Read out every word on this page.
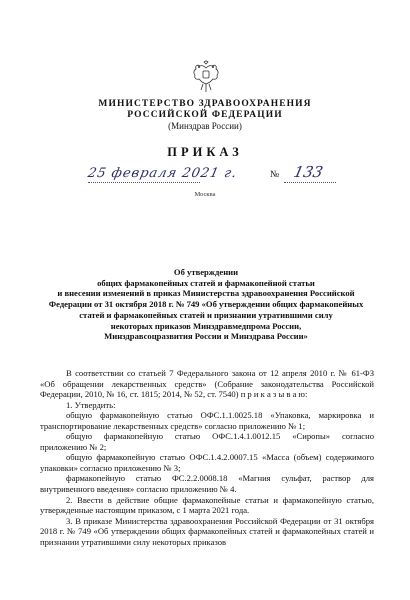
МИНИСТЕРСТВО ЗДРАВООХРАНЕНИЯ
РОССИЙСКОЙ ФЕДЕРАЦИИ
(Минздрав России)
ПРИКАЗ
25 февраля 2021 г.	№ 133
Москва
Об утверждении
общих фармакопейных статей и фармакопейной статьи
и внесении изменений в приказ Министерства здравоохранения Российской
Федерации от 31 октября 2018 г. № 749 «Об утверждении общих фармакопейных
статей и фармакопейных статей и признании утратившими силу
некоторых приказов Минздравмедпрома России,
Минздравсоцразвития России и Минздрава России»

В соответствии со статьей 7 Федерального закона от 12 апреля 2010 г. № 61-ФЗ «Об обращении лекарственных средств» (Собрание законодательства Российской Федерации, 2010, № 16, ст. 1815; 2014, № 52, ст. 7540) п р и к а з ы в а ю:

1. Утвердить:

общую фармакопейную статью ОФС.1.1.0025.18 «Упаковка, маркировка и транспортирование лекарственных средств» согласно приложению № 1;

общую фармакопейную статью ОФС.1.4.1.0012.15 «Сиропы» согласно приложению № 2;

общую фармакопейную статью ОФС.1.4.2.0007.15 «Масса (объем) содержимого упаковки» согласно приложению № 3;

фармакопейную статью ФС.2.2.0008.18 «Магния сульфат, раствор для внутривенного введения» согласно приложению № 4.

2. Ввести в действие общие фармакопейные статьи и фармакопейную статью, утвержденные настоящим приказом, с 1 марта 2021 года.

3. В приказе Министерства здравоохранения Российской Федерации от 31 октября 2018 г. № 749 «Об утверждении общих фармакопейных статей и фармакопейных статей и признании утратившими силу некоторых приказов
